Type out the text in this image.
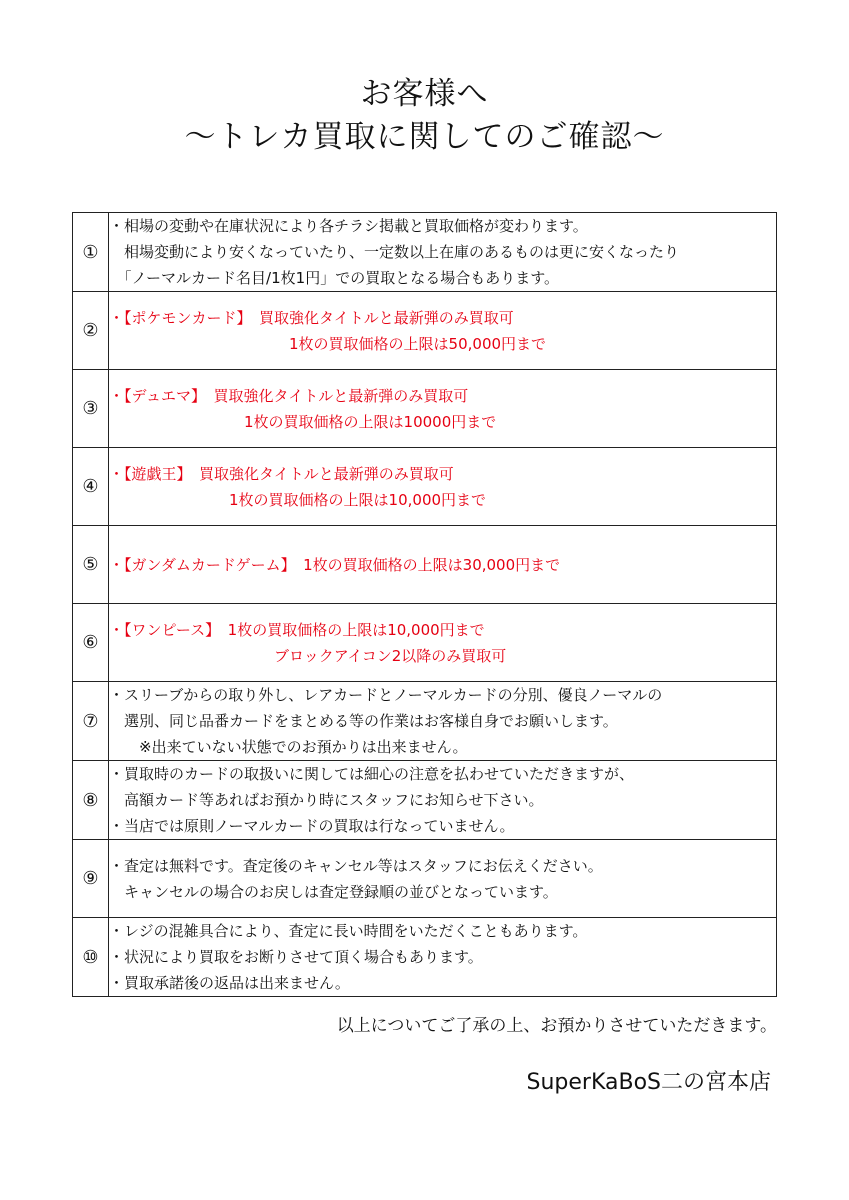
お客様へ
～トレカ買取に関してのご確認～
①	・相場の変動や在庫状況により各チラシ掲載と買取価格が変わります。
　相場変動により安くなっていたり、一定数以上在庫のあるものは更に安くなったり
　「ノーマルカード名目/1枚1円」での買取となる場合もあります。

②	・【ポケモンカード】　買取強化タイトルと最新弾のみ買取可
　　　　　　　　　　　　1枚の買取価格の上限は50,000円まで

③	・【デュエマ】　買取強化タイトルと最新弾のみ買取可
　　　　　　　　　1枚の買取価格の上限は10000円まで

④	・【遊戯王】　買取強化タイトルと最新弾のみ買取可
　　　　　　　　1枚の買取価格の上限は10,000円まで

⑤	・【ガンダムカードゲーム】　1枚の買取価格の上限は30,000円まで

⑥	・【ワンピース】　1枚の買取価格の上限は10,000円まで
　　　　　　　　　　　ブロックアイコン2以降のみ買取可

⑦	・スリーブからの取り外し、レアカードとノーマルカードの分別、優良ノーマルの
　選別、同じ品番カードをまとめる等の作業はお客様自身でお願いします。
　　※出来ていない状態でのお預かりは出来ません。

⑧	・買取時のカードの取扱いに関しては細心の注意を払わせていただきますが、
　高額カード等あればお預かり時にスタッフにお知らせ下さい。
・当店では原則ノーマルカードの買取は行なっていません。

⑨	・査定は無料です。査定後のキャンセル等はスタッフにお伝えください。
　キャンセルの場合のお戻しは査定登録順の並びとなっています。

⑩	・レジの混雑具合により、査定に長い時間をいただくこともあります。
・状況により買取をお断りさせて頂く場合もあります。
・買取承諾後の返品は出来ません。
以上についてご了承の上、お預かりさせていただきます。
SuperKaBoS二の宮本店
